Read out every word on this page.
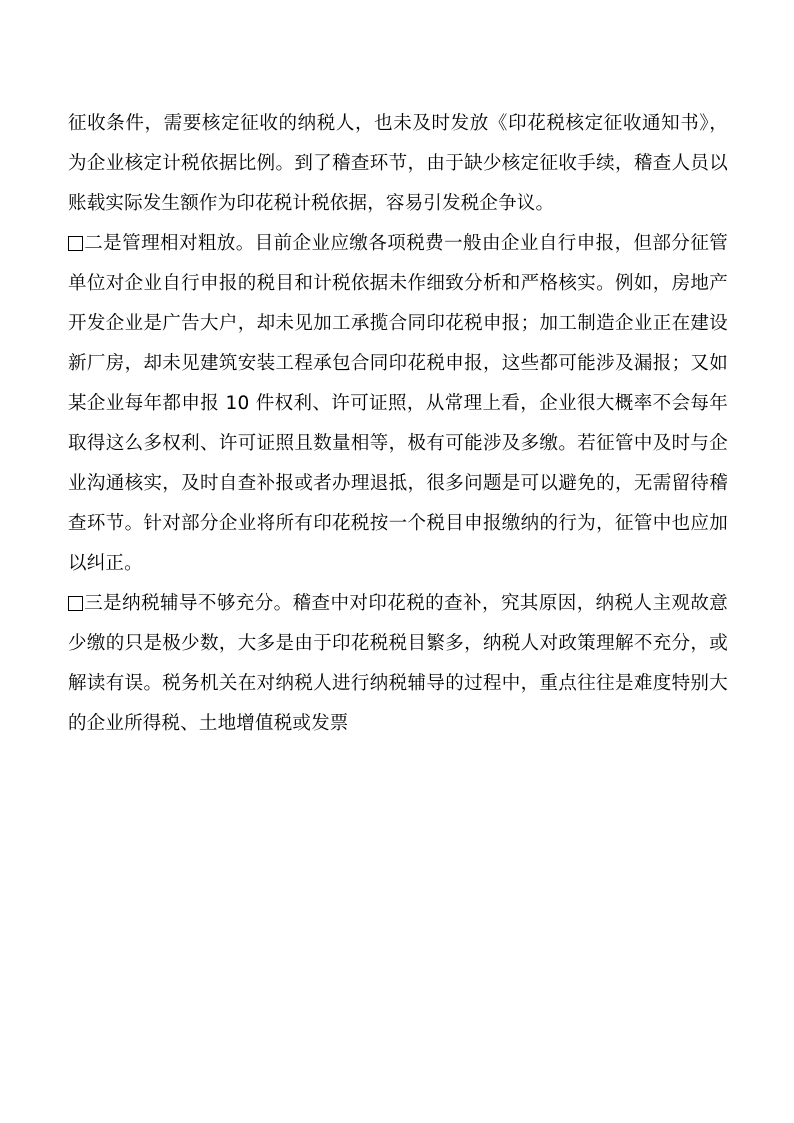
征收条件，需要核定征收的纳税人，也未及时发放《印花税核定征收通知书》，为企业核定计税依据比例。到了稽查环节，由于缺少核定征收手续，稽查人员以账载实际发生额作为印花税计税依据，容易引发税企争议。

二是管理相对粗放。目前企业应缴各项税费一般由企业自行申报，但部分征管单位对企业自行申报的税目和计税依据未作细致分析和严格核实。例如，房地产开发企业是广告大户，却未见加工承揽合同印花税申报；加工制造企业正在建设新厂房，却未见建筑安装工程承包合同印花税申报，这些都可能涉及漏报；又如某企业每年都申报 10 件权利、许可证照，从常理上看，企业很大概率不会每年取得这么多权利、许可证照且数量相等，极有可能涉及多缴。若征管中及时与企业沟通核实，及时自查补报或者办理退抵，很多问题是可以避免的，无需留待稽查环节。针对部分企业将所有印花税按一个税目申报缴纳的行为，征管中也应加以纠正。

三是纳税辅导不够充分。稽查中对印花税的查补，究其原因，纳税人主观故意少缴的只是极少数，大多是由于印花税税目繁多，纳税人对政策理解不充分，或解读有误。税务机关在对纳税人进行纳税辅导的过程中，重点往往是难度特别大的企业所得税、土地增值税或发票
